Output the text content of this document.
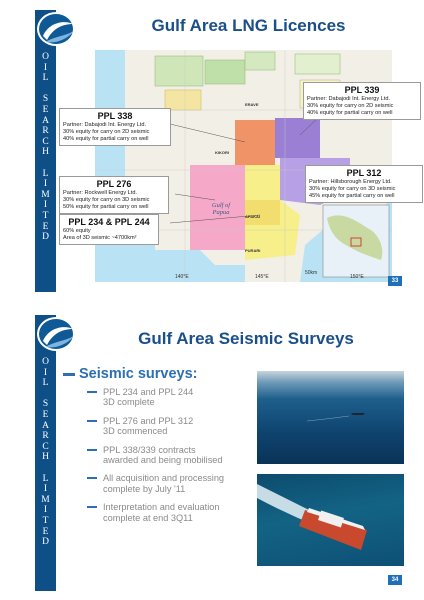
O
I
L

S
E
A
R
C
H

L
I
M
I
T
E
D
Gulf Area LNG Licences
Gulf of Papua
50km
140°E	145°E	150°E
APAKAI
PURARI
KIKORI
ERAVE
PPL 339
Partner: Dabajodi Int. Energy Ltd.
30% equity for carry on 2D seismic
40% equity for partial carry on well
PPL 338
Partner: Dabajodi Int. Energy Ltd.
30% equity for carry on 2D seismic
40% equity for partial carry on well
PPL 312
Partner: Hillsborough Energy Ltd.
30% equity for carry on 3D seismic
45% equity for partial carry on well
PPL 276
Partner: Rockwell Energy Ltd.
30% equity for carry on 3D seismic
50% equity for partial carry on well
PPL 234 & PPL 244
60% equity
Area of 3D seismic ~4700km²
33
O
I
L

S
E
A
R
C
H

L
I
M
I
T
E
D
Gulf Area Seismic Surveys
Seismic surveys:
PPL 234 and PPL 244
3D complete
PPL 276 and PPL 312
3D commenced
PPL 338/339 contracts
awarded and being mobilised
All acquisition and processing
complete by July '11
Interpretation and evaluation
complete at end 3Q11
34
